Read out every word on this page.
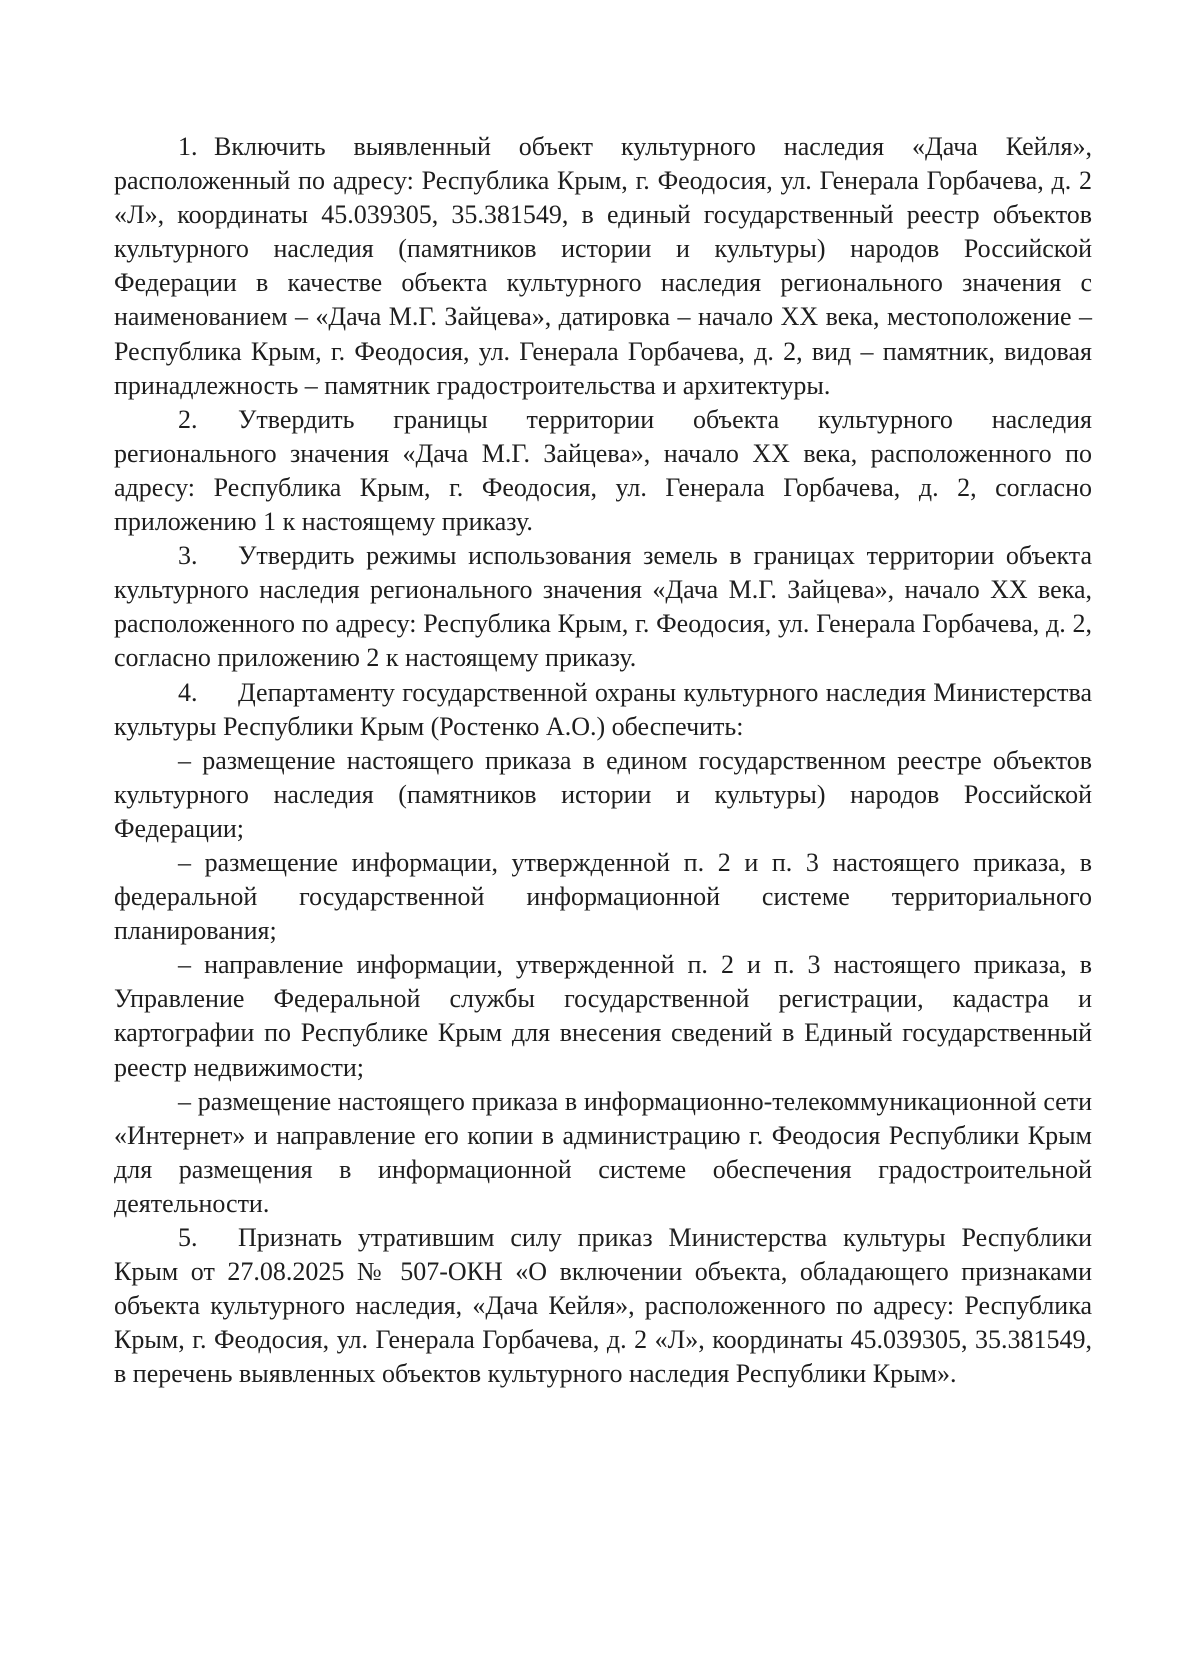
1. Включить выявленный объект культурного наследия «Дача Кейля», расположенный по адресу: Республика Крым, г. Феодосия, ул. Генерала Горбачева, д. 2 «Л», координаты 45.039305, 35.381549, в единый государственный реестр объектов культурного наследия (памятников истории и культуры) народов Российской Федерации в качестве объекта культурного наследия регионального значения с наименованием – «Дача М.Г. Зайцева», датировка – начало XX века, местоположение – Республика Крым, г. Феодосия, ул. Генерала Горбачева, д. 2, вид – памятник, видовая принадлежность – памятник градостроительства и архитектуры.

2. Утвердить границы территории объекта культурного наследия регионального значения «Дача М.Г. Зайцева», начало XX века, расположенного по адресу: Республика Крым, г. Феодосия, ул. Генерала Горбачева, д. 2, согласно приложению 1 к настоящему приказу.

3. Утвердить режимы использования земель в границах территории объекта культурного наследия регионального значения «Дача М.Г. Зайцева», начало XX века, расположенного по адресу: Республика Крым, г. Феодосия, ул. Генерала Горбачева, д. 2, согласно приложению 2 к настоящему приказу.

4. Департаменту государственной охраны культурного наследия Министерства культуры Республики Крым (Ростенко А.О.) обеспечить:

– размещение настоящего приказа в едином государственном реестре объектов культурного наследия (памятников истории и культуры) народов Российской Федерации;

– размещение информации, утвержденной п. 2 и п. 3 настоящего приказа, в федеральной государственной информационной системе территориального планирования;

– направление информации, утвержденной п. 2 и п. 3 настоящего приказа, в Управление Федеральной службы государственной регистрации, кадастра и картографии по Республике Крым для внесения сведений в Единый государственный реестр недвижимости;

– размещение настоящего приказа в информационно-телекоммуникационной сети «Интернет» и направление его копии в администрацию г. Феодосия Республики Крым для размещения в информационной системе обеспечения градостроительной деятельности.

5. Признать утратившим силу приказ Министерства культуры Республики Крым от 27.08.2025 № 507-ОКН «О включении объекта, обладающего признаками объекта культурного наследия, «Дача Кейля», расположенного по адресу: Республика Крым, г. Феодосия, ул. Генерала Горбачева, д. 2 «Л», координаты 45.039305, 35.381549, в перечень выявленных объектов культурного наследия Республики Крым».
